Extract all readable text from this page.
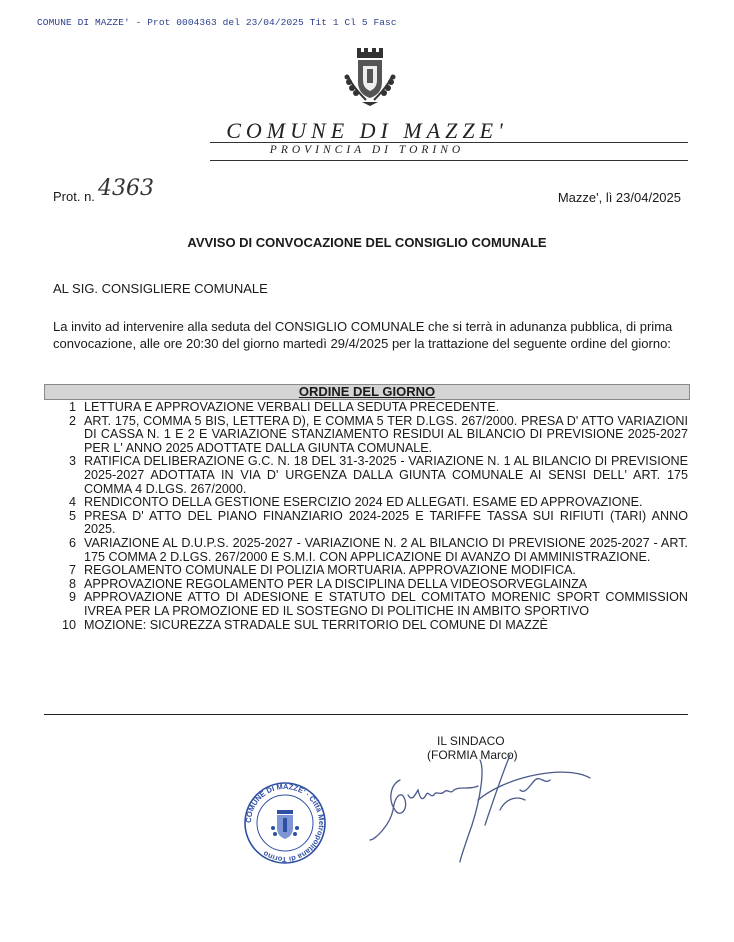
COMUNE DI MAZZE' - Prot 0004363 del 23/04/2025 Tit 1 Cl 5 Fasc
COMUNE DI MAZZE'
PROVINCIA DI TORINO
Prot. n. 4363	Mazze', lì 23/04/2025
AVVISO DI CONVOCAZIONE DEL CONSIGLIO COMUNALE
AL SIG. CONSIGLIERE COMUNALE
La invito ad intervenire alla seduta del CONSIGLIO COMUNALE che si terrà in adunanza pubblica, di prima convocazione, alle ore 20:30 del giorno martedì 29/4/2025 per la trattazione del seguente ordine del giorno:
ORDINE DEL GIORNO
1 LETTURA E APPROVAZIONE VERBALI DELLA SEDUTA PRECEDENTE.
2 ART. 175, COMMA 5 BIS, LETTERA D), E COMMA 5 TER D.LGS. 267/2000. PRESA D' ATTO VARIAZIONI DI CASSA N. 1 E 2 E VARIAZIONE STANZIAMENTO RESIDUI AL BILANCIO DI PREVISIONE 2025-2027 PER L' ANNO 2025 ADOTTATE DALLA GIUNTA COMUNALE.
3 RATIFICA DELIBERAZIONE G.C. N. 18 DEL 31-3-2025 - VARIAZIONE N. 1 AL BILANCIO DI PREVISIONE 2025-2027 ADOTTATA IN VIA D' URGENZA DALLA GIUNTA COMUNALE AI SENSI DELL' ART. 175 COMMA 4 D.LGS. 267/2000.
4 RENDICONTO DELLA GESTIONE ESERCIZIO 2024 ED ALLEGATI. ESAME ED APPROVAZIONE.
5 PRESA D' ATTO DEL PIANO FINANZIARIO 2024-2025 E TARIFFE TASSA SUI RIFIUTI (TARI) ANNO 2025.
6 VARIAZIONE AL D.U.P.S. 2025-2027 - VARIAZIONE N. 2 AL BILANCIO DI PREVISIONE 2025-2027 - ART. 175 COMMA 2 D.LGS. 267/2000 E S.M.I. CON APPLICAZIONE DI AVANZO DI AMMINISTRAZIONE.
7 REGOLAMENTO COMUNALE DI POLIZIA MORTUARIA. APPROVAZIONE MODIFICA.
8 APPROVAZIONE REGOLAMENTO PER LA DISCIPLINA DELLA VIDEOSORVEGLAINZA
9 APPROVAZIONE ATTO DI ADESIONE E STATUTO DEL COMITATO MORENIC SPORT COMMISSION IVREA PER LA PROMOZIONE ED IL SOSTEGNO DI POLITICHE IN AMBITO SPORTIVO
10 MOZIONE: SICUREZZA STRADALE SUL TERRITORIO DEL COMUNE DI MAZZÈ
IL SINDACO
(FORMIA Marco)
COMUNE DI MAZZE' · Città Metropolitana di Torino
